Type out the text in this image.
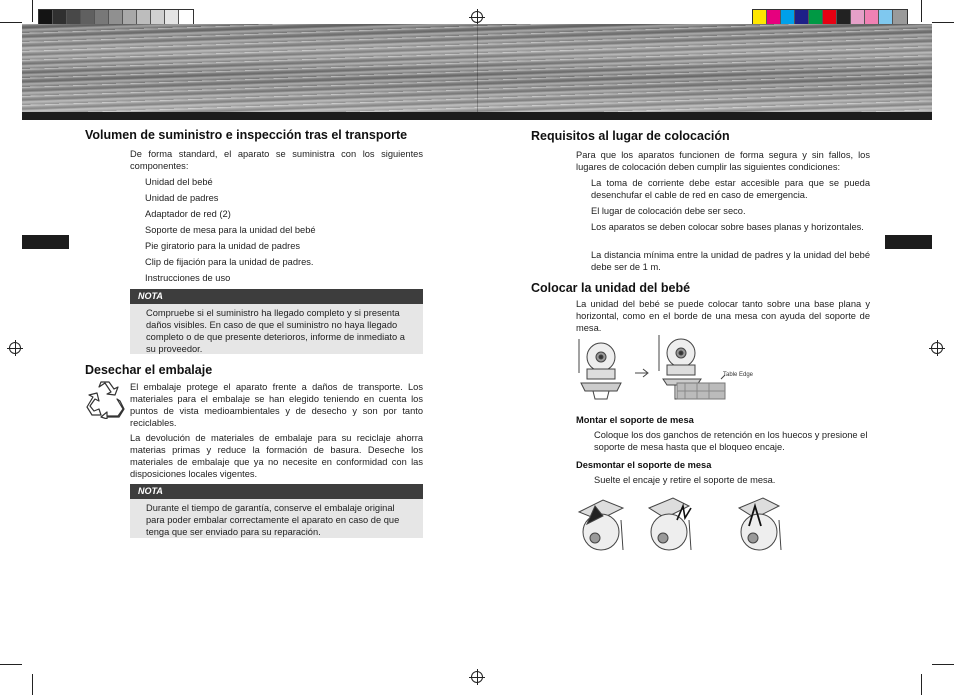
Volumen de suministro e inspección tras el transporte
De forma standard, el aparato se suministra con los siguientes componentes:
Unidad del bebé
Unidad de padres
Adaptador de red (2)
Soporte de mesa para la unidad del bebé
Pie giratorio para la unidad de padres
Clip de fijación para la unidad de padres.
Instrucciones de uso
NOTA
Compruebe si el suministro ha llegado completo y si presenta daños visibles. En caso de que el suministro no haya llegado completo o de que presente deterioros, informe de inmediato a su proveedor.
Desechar el embalaje
El embalaje protege el aparato frente a daños de transporte. Los materiales para el embalaje se han elegido teniendo en cuenta los puntos de vista medioambientales y de desecho y son por tanto reciclables.
La devolución de materiales de embalaje para su reciclaje ahorra materias primas y reduce la formación de basura. Deseche los materiales de embalaje que ya no necesite en conformidad con las disposiciones locales vigentes.
NOTA
Durante el tiempo de garantía, conserve el embalaje original para poder embalar correctamente el aparato en caso de que tenga que ser enviado para su reparación.
Requisitos al lugar de colocación
Para que los aparatos funcionen de forma segura y sin fallos, los lugares de colocación deben cumplir las siguientes condiciones:
La toma de corriente debe estar accesible para que se pueda desenchufar el cable de red en caso de emergencia.
El lugar de colocación debe ser seco.
Los aparatos se deben colocar sobre bases planas y horizontales.
La distancia mínima entre la unidad de padres y la unidad del bebé debe ser de 1 m.
Colocar la unidad del bebé
La unidad del bebé se puede colocar tanto sobre una base plana y horizontal, como en el borde de una mesa con ayuda del soporte de mesa.
Table Edge
Montar el soporte de mesa
Coloque los dos ganchos de retención en los huecos y presione el soporte de mesa hasta que el bloqueo encaje.
Desmontar el soporte de mesa
Suelte el encaje y retire el soporte de mesa.
